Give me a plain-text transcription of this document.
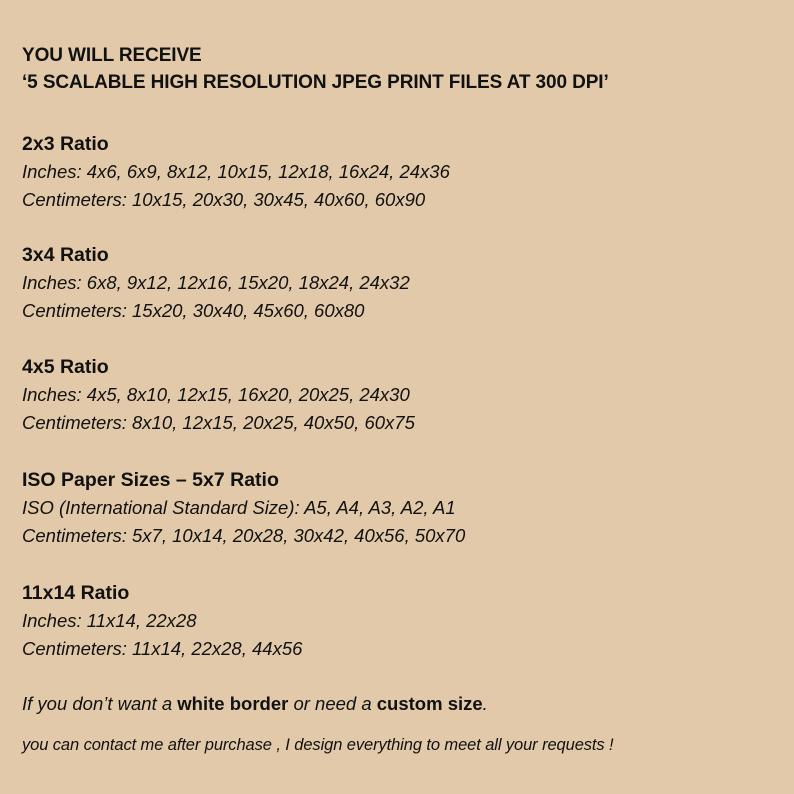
YOU WILL RECEIVE
‘5 SCALABLE HIGH RESOLUTION JPEG PRINT FILES AT 300 DPI’
2x3 Ratio
Inches: 4x6, 6x9, 8x12, 10x15, 12x18, 16x24, 24x36
Centimeters: 10x15, 20x30, 30x45, 40x60, 60x90
3x4 Ratio
Inches: 6x8, 9x12, 12x16, 15x20, 18x24, 24x32
Centimeters: 15x20, 30x40, 45x60, 60x80
4x5 Ratio
Inches: 4x5, 8x10, 12x15, 16x20, 20x25, 24x30
Centimeters: 8x10, 12x15, 20x25, 40x50, 60x75
ISO Paper Sizes – 5x7 Ratio
ISO (International Standard Size): A5, A4, A3, A2, A1
Centimeters: 5x7, 10x14, 20x28, 30x42, 40x56, 50x70
11x14 Ratio
Inches: 11x14, 22x28
Centimeters: 11x14, 22x28, 44x56
If you don’t want a white border or need a custom size.
you can contact me after purchase , I design everything to meet all your requests !
